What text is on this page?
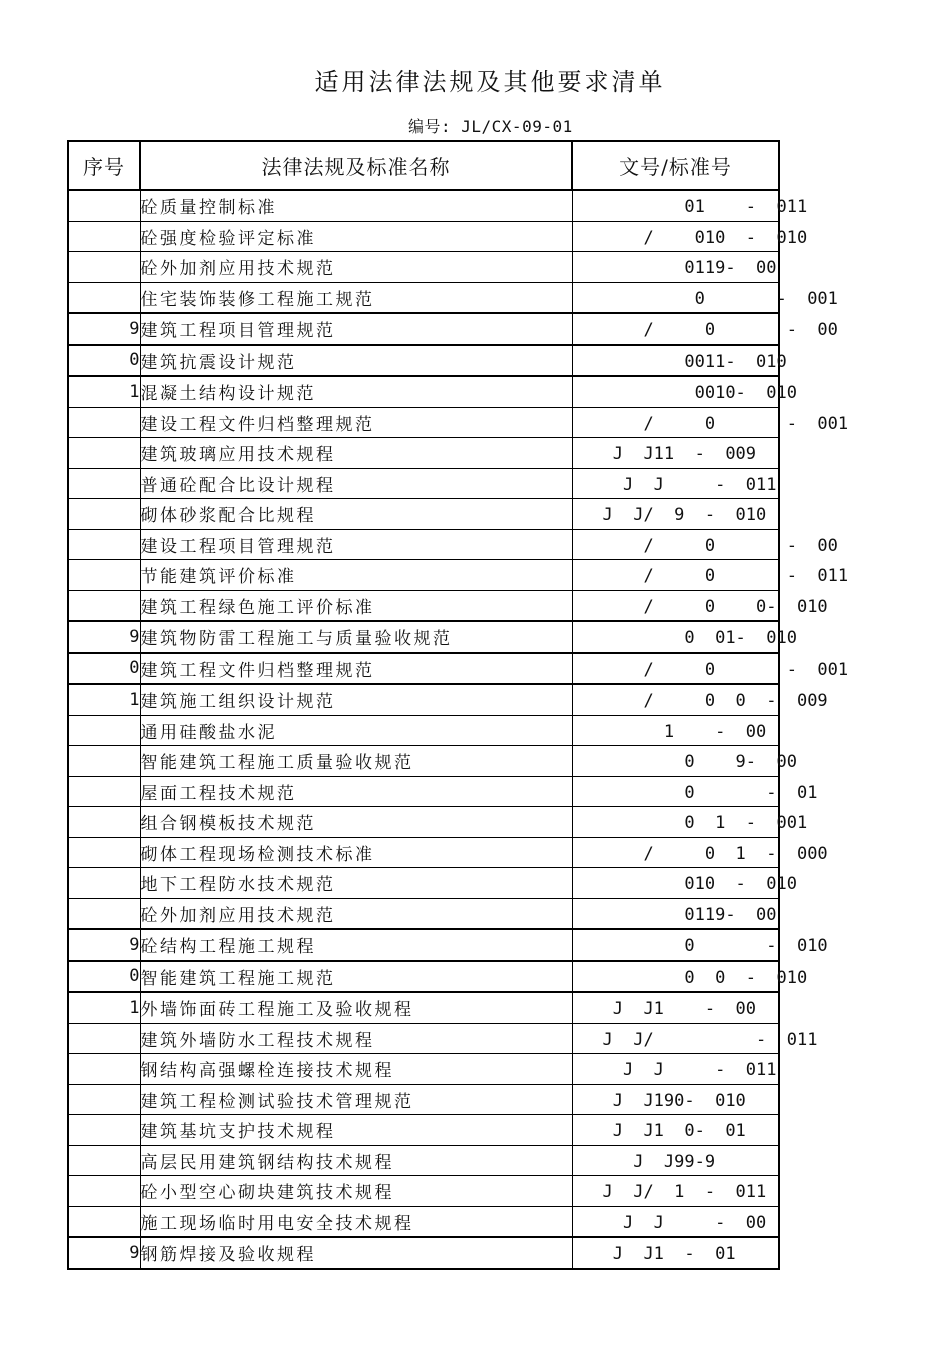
适用法律法规及其他要求清单
编号: JL/CX-09-01
序号	法律法规及标准名称	文号/标准号
	砼质量控制标准	01    -  011

	砼强度检验评定标准	/    010  -  010

	砼外加剂应用技术规范	0119-  00

	住宅装饰装修工程施工规范	0       -  001

9	建筑工程项目管理规范	/     0       -  00

0	建筑抗震设计规范	0011-  010

1	混凝土结构设计规范	0010-  010

	建设工程文件归档整理规范	/     0       -  001

	建筑玻璃应用技术规程	J  J11  -  009

	普通砼配合比设计规程	J  J     -  011

	砌体砂浆配合比规程	J  J/  9  -  010

	建设工程项目管理规范	/     0       -  00

	节能建筑评价标准	/     0       -  011

	建筑工程绿色施工评价标准	/     0    0-  010

9	建筑物防雷工程施工与质量验收规范	0  01-  010

0	建筑工程文件归档整理规范	/     0       -  001

1	建筑施工组织设计规范	/     0  0  -  009

	通用硅酸盐水泥	1    -  00

	智能建筑工程施工质量验收规范	0    9-  00

	屋面工程技术规范	0       -  01

	组合钢模板技术规范	0  1  -  001

	砌体工程现场检测技术标准	/     0  1  -  000

	地下工程防水技术规范	010  -  010

	砼外加剂应用技术规范	0119-  00

9	砼结构工程施工规程	0       -  010

0	智能建筑工程施工规范	0  0  -  010

1	外墙饰面砖工程施工及验收规程	J  J1    -  00

	建筑外墙防水工程技术规程	J  J/          -  011

	钢结构高强螺栓连接技术规程	J  J     -  011

	建筑工程检测试验技术管理规范	J  J190-  010

	建筑基坑支护技术规程	J  J1  0-  01

	高层民用建筑钢结构技术规程	J  J99-9

	砼小型空心砌块建筑技术规程	J  J/  1  -  011

	施工现场临时用电安全技术规程	J  J     -  00

9	钢筋焊接及验收规程	J  J1  -  01
